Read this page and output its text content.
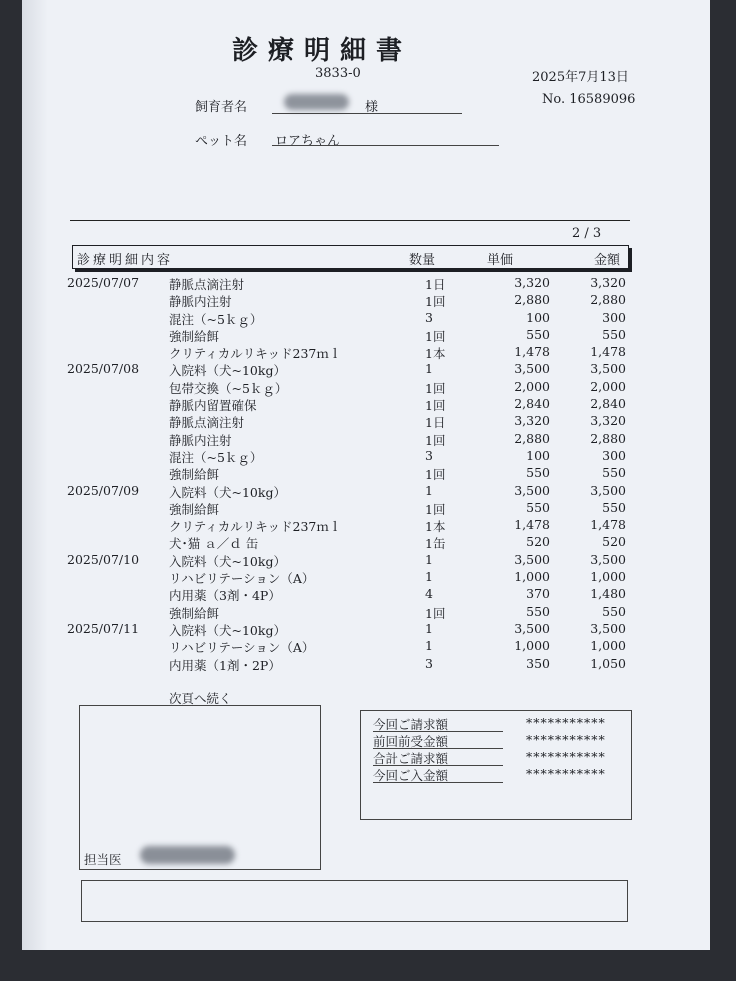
診療明細書
3833-0	2025年7月13日
No. 16589096
飼育者名	様
ペット名 ロアちゃん
2 / 3
診療明細内容	数量	単価	金額
2025/07/07 静脈点滴注射	1日	3,320	3,320
静脈内注射	1回	2,880	2,880
混注（~5ｋｇ）	3	100	300
強制給餌	1回	550	550
クリティカルリキッド237ｍｌ	1本	1,478	1,478
2025/07/08 入院料（犬~10kg）	1	3,500	3,500
包帯交換（~5ｋｇ）	1回	2,000	2,000
静脈内留置確保	1回	2,840	2,840
静脈点滴注射	1日	3,320	3,320
静脈内注射	1回	2,880	2,880
混注（~5ｋｇ）	3	100	300
強制給餌	1回	550	550
2025/07/09 入院料（犬~10kg）	1	3,500	3,500
強制給餌	1回	550	550
クリティカルリキッド237ｍｌ	1本	1,478	1,478
犬･猫 ａ／ｄ 缶	1缶	520	520
2025/07/10 入院料（犬~10kg）	1	3,500	3,500
リハビリテーション（A）	1	1,000	1,000
内用薬（3剤・4P）	4	370	1,480
強制給餌	1回	550	550
2025/07/11 入院料（犬~10kg）	1	3,500	3,500
リハビリテーション（A）	1	1,000	1,000
内用薬（1剤・2P）	3	350	1,050
次頁へ続く
担当医
今回ご請求額	***********
前回前受金額	***********
合計ご請求額	***********
今回ご入金額	***********
